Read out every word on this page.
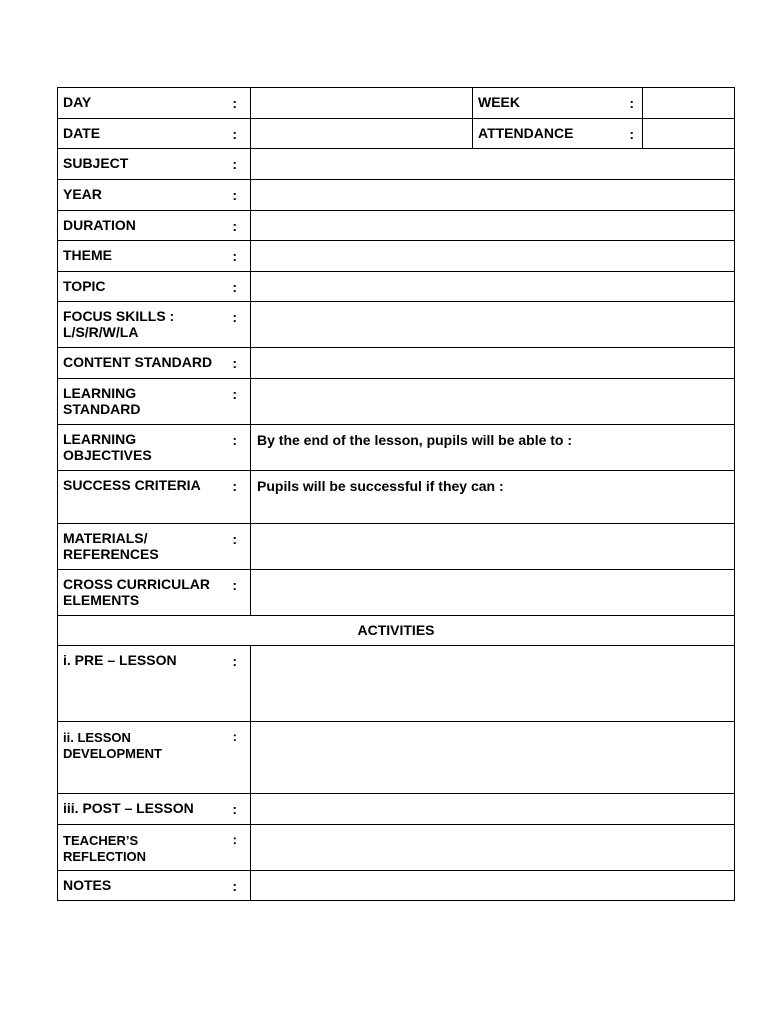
DAY :		WEEK :	

DATE :		ATTENDANCE :	

SUBJECT :			

YEAR :			

DURATION :			

THEME :			

TOPIC :			

FOCUS SKILLS :
L/S/R/W/LA
:			

CONTENT STANDARD :			

LEARNING
STANDARD
:			

LEARNING
OBJECTIVES
:	By the end of the lesson, pupils will be able to :		
SUCCESS CRITERIA :	Pupils will be successful if they can :		

MATERIALS/
REFERENCES
:			

CROSS CURRICULAR
ELEMENTS
:			

ACTIVITIES			
i. PRE – LESSON :			

ii. LESSON
DEVELOPMENT
:			

iii. POST – LESSON :			

TEACHER’S
REFLECTION
:			

NOTES :			
